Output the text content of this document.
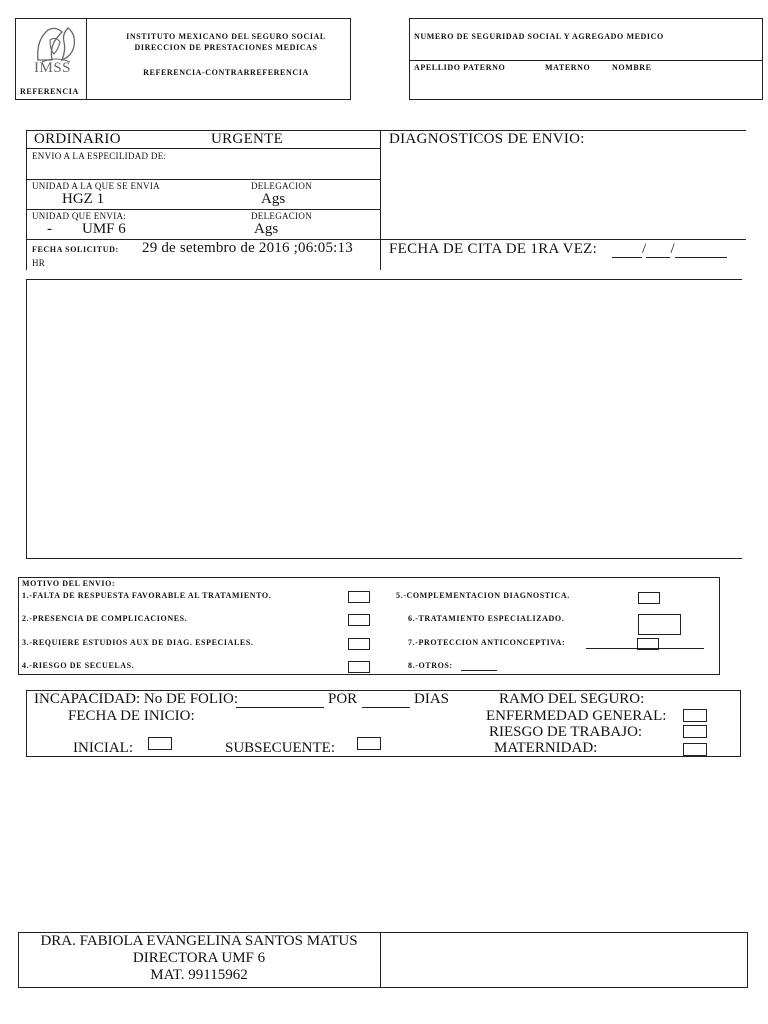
IMSS
REFERENCIA
INSTITUTO MEXICANO DEL SEGURO SOCIAL
DIRECCION DE PRESTACIONES MEDICAS
REFERENCIA-CONTRARREFERENCIA
NUMERO DE SEGURIDAD SOCIAL Y AGREGADO MEDICO
APELLIDO PATERNO	MATERNO	NOMBRE
ORDINARIO	URGENTE
ENVIO A LA ESPECILIDAD DE:
UNIDAD A LA QUE SE ENVIA	DELEGACION
HGZ 1	Ags
UNIDAD QUE ENVIA:	DELEGACION
- UMF 6	Ags
FECHA SOLICITUD: 29 de setembro de 2016 ;06:05:13
HR
DIAGNOSTICOS DE ENVIO:
FECHA DE CITA DE 1RA VEZ:	/ /
MOTIVO DEL ENVIO:
1.-FALTA DE RESPUESTA FAVORABLE AL TRATAMIENTO.
2.-PRESENCIA DE COMPLICACIONES.
3.-REQUIERE ESTUDIOS AUX DE DIAG. ESPECIALES.
4.-RIESGO DE SECUELAS.
5.-COMPLEMENTACION DIAGNOSTICA.
6.-TRATAMIENTO ESPECIALIZADO.
7.-PROTECCION ANTICONCEPTIVA:
8.-OTROS:
INCAPACIDAD: No DE FOLIO:	POR	DIAS	RAMO DEL SEGURO:
FECHA DE INICIO:	ENFERMEDAD GENERAL:
RIESGO DE TRABAJO:
INICIAL:	SUBSECUENTE:	MATERNIDAD:
DRA. FABIOLA EVANGELINA SANTOS MATUS
DIRECTORA UMF 6
MAT. 99115962
